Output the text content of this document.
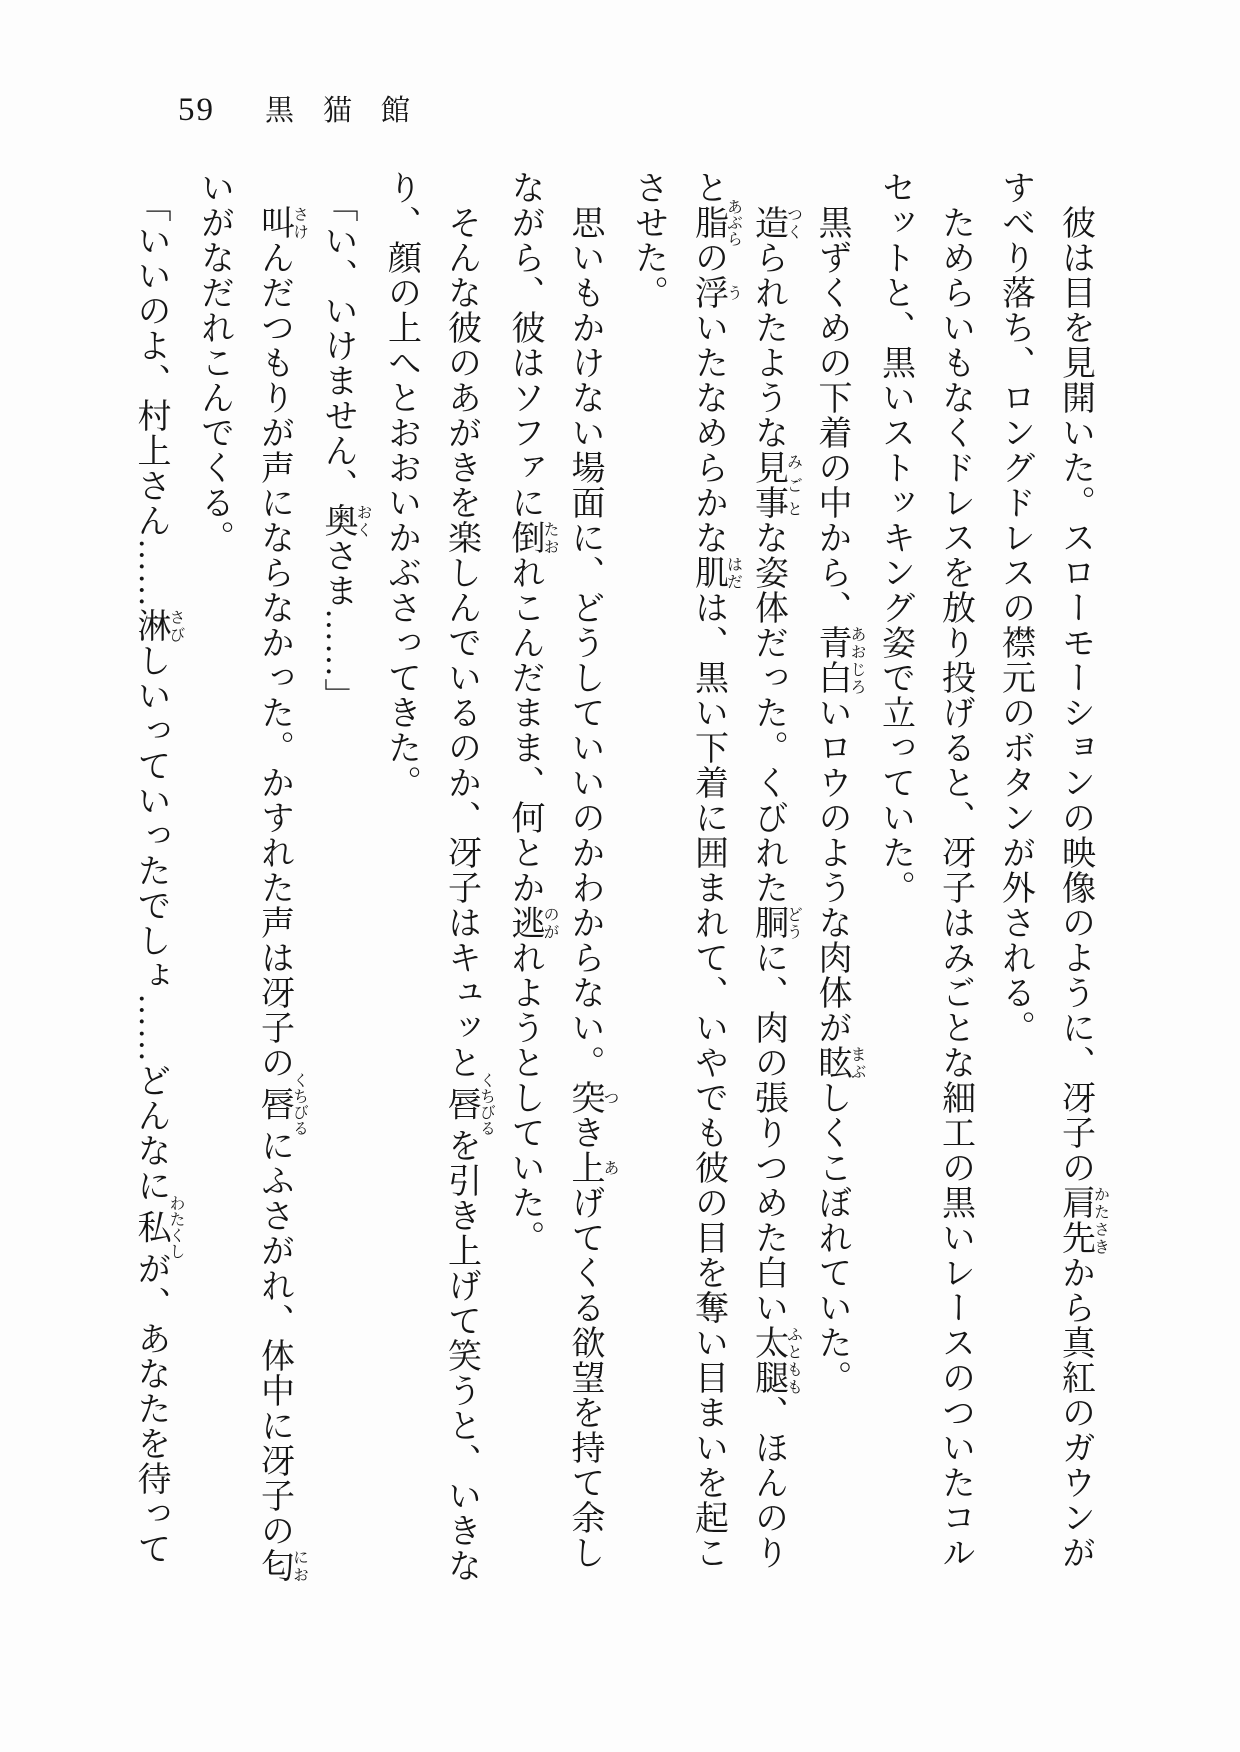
59 黒猫館

　彼は目を見開いた。スローモーションの映像のように、冴子の肩先かたさきから真紅のガウンが
すべり落ち、ロングドレスの襟元のボタンが外される。

　ためらいもなくドレスを放り投げると、冴子はみごとな細工の黒いレースのついたコル
セットと、黒いストッキング姿で立っていた。

　黒ずくめの下着の中から、青白あおじろいロウのような肉体が眩まぶしくこぼれていた。

　造つくられたような見事みごとな姿体だった。くびれた胴どうに、肉の張りつめた白い太腿ふともも、ほんのり
と脂あぶらの浮ういたなめらかな肌はだは、黒い下着に囲まれて、いやでも彼の目を奪い目まいを起こ
させた。

　思いもかけない場面に、どうしていいのかわからない。突つき上あげてくる欲望を持て余し
ながら、彼はソファに倒たおれこんだまま、何とか逃のがれようとしていた。

　そんな彼のあがきを楽しんでいるのか、冴子はキュッと唇くちびるを引き上げて笑うと、いきな
り、顔の上へとおおいかぶさってきた。

　「い、いけません、奥おくさま……」

　叫さけんだつもりが声にならなかった。かすれた声は冴子の唇くちびるにふさがれ、体中に冴子の匂にお
いがなだれこんでくる。

　「いいのよ、村上さん……淋さびしいっていったでしょ……どんなに私わたくしが、あなたを待って
